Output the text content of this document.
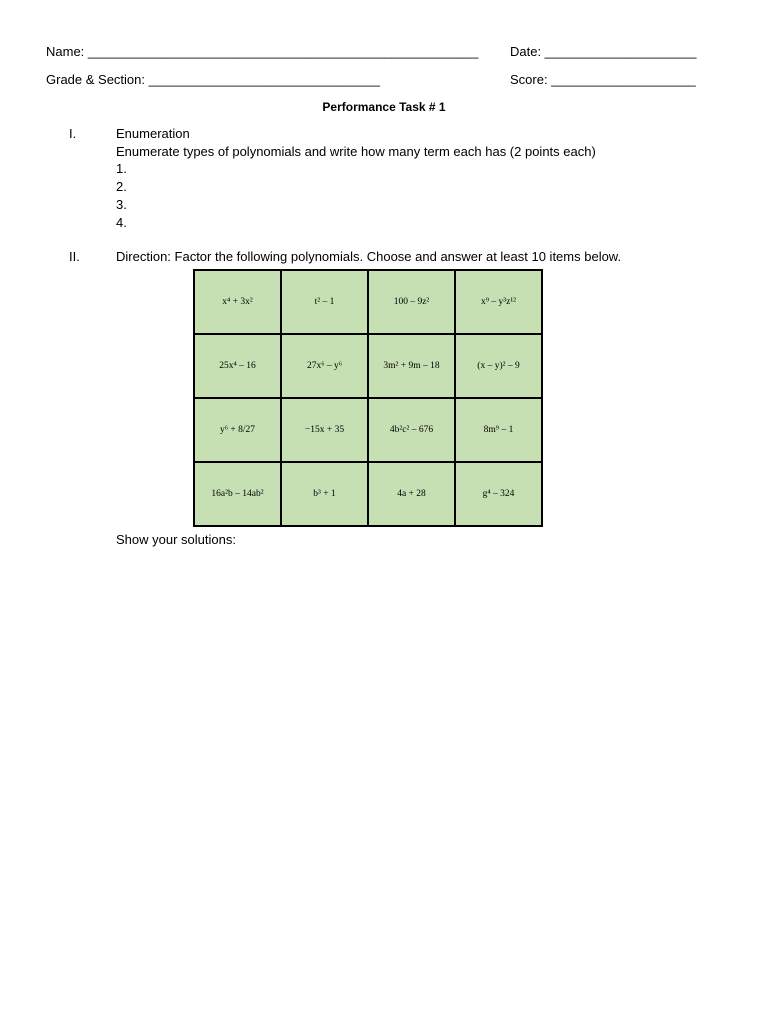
Name: ______________________________________________________ Date: _____________________
Grade & Section: ________________________________	Score: ____________________
Performance Task # 1
I.	Enumeration
Enumerate types of polynomials and write how many term each has (2 points each)
1.
2.
3.
4.
II.	Direction: Factor the following polynomials. Choose and answer at least 10 items below.
x⁴ + 3x²	t² – 1	100 – 9z²	x⁹ – y³z¹²
25x⁴ – 16	27x⁶ – y⁶	3m² + 9m – 18	(x – y)² – 9
y⁶ + 8/27	−15x + 35	4b²c² – 676	8m⁹ – 1
16a²b – 14ab²	b³ + 1	4a + 28	g⁴ – 324
Show your solutions:
